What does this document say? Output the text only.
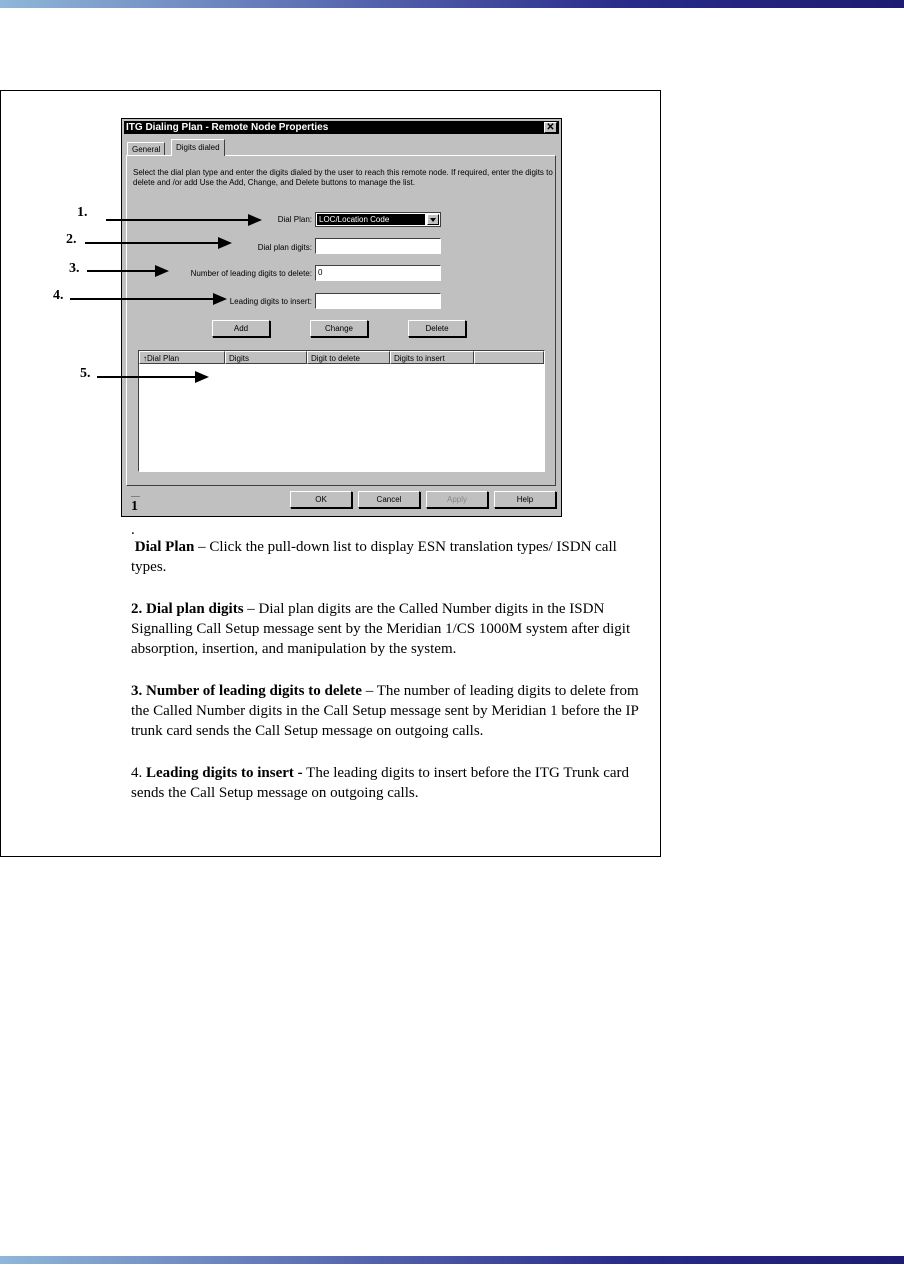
ITG Dialing Plan - Remote Node Properties	✕
General	Digits dialed
Select the dial plan type and enter the digits dialed by the user to reach this remote node. If required, enter the digits to delete and /or add Use the Add, Change, and Delete buttons to manage the list.
Dial Plan: LOC/Location Code
Dial plan digits:
Number of leading digits to delete: 0
Leading digits to insert:
Add	Change	Delete
↑Dial Plan	Digits	Digit to delete	Digits to insert
OK	Cancel	Apply	Help
1
1.
2.
3.
4.
5.
.

Dial Plan – Click the pull-down list to display ESN translation types/ ISDN call types.

2. Dial plan digits – Dial plan digits are the Called Number digits in the ISDN Signalling Call Setup message sent by the Meridian 1/CS 1000M system after digit absorption, insertion, and manipulation by the system.

3. Number of leading digits to delete – The number of leading digits to delete from the Called Number digits in the Call Setup message sent by Meridian 1 before the IP trunk card sends the Call Setup message on outgoing calls.

4. Leading digits to insert - The leading digits to insert before the ITG Trunk card sends the Call Setup message on outgoing calls.
